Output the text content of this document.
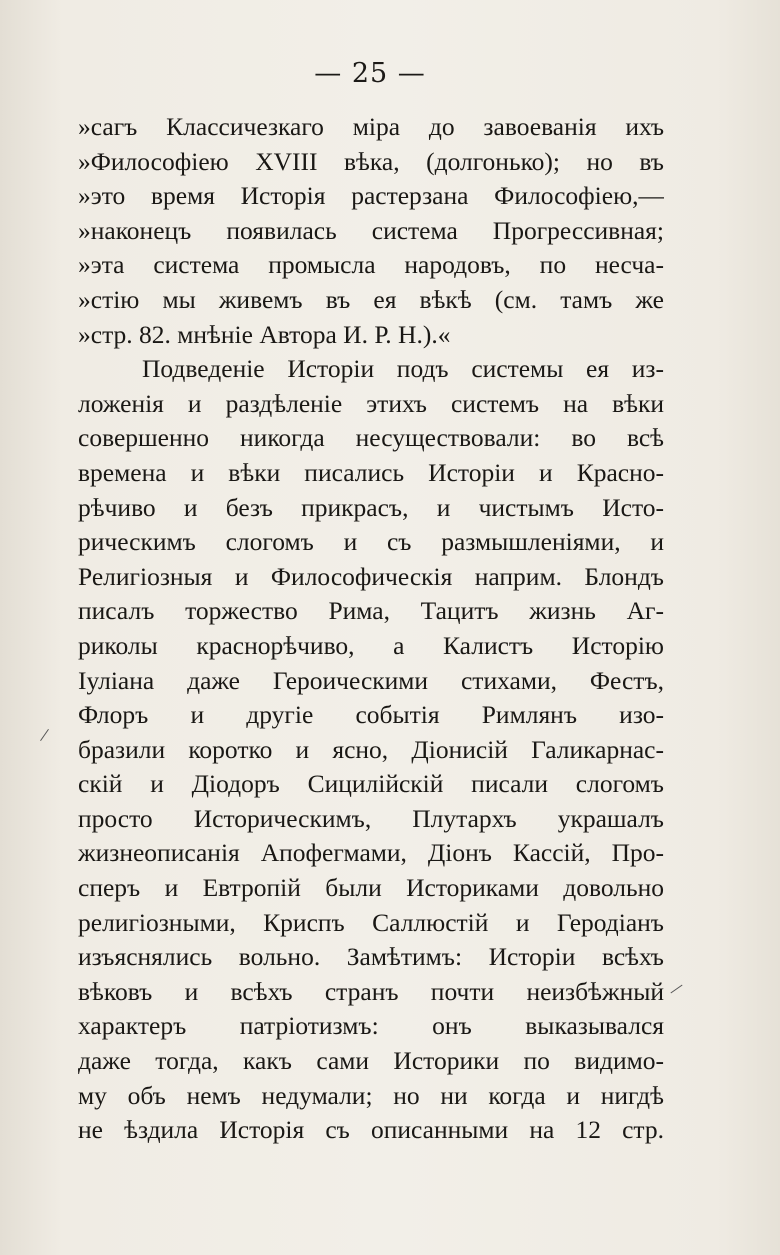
— 25 —
»сагъ Классичезкаго міра до завоеванія ихъ
»Философіею XVIII вѣка, (долгонько); но въ
»это время Исторія растерзана Философіею,—
»наконецъ появилась система Прогрессивная;
»эта система промысла народовъ, по несча-
»стію мы живемъ въ ея вѣкѣ (см. тамъ же
»стр. 82. мнѣніе Автора И. Р. Н.).«
Подведеніе Исторіи подъ системы ея из-
ложенія и раздѣленіе этихъ системъ на вѣки
совершенно никогда несуществовали: во всѣ
времена и вѣки писались Исторіи и Красно-
рѣчиво и безъ прикрасъ, и чистымъ Исто-
рическимъ слогомъ и съ размышленіями, и
Религіозныя и Философическія наприм. Блондъ
писалъ торжество Рима, Тацитъ жизнь Аг-
риколы краснорѣчиво, а Калистъ Исторію
Іуліана даже Героическими стихами, Фестъ,
Флоръ и другіе событія Римлянъ изо-
бразили коротко и ясно, Діонисій Галикарнас-
скій и Діодоръ Сицилійскій писали слогомъ
просто Историческимъ, Плутархъ украшалъ
жизнеописанія Апофегмами, Діонъ Кассій, Про-
сперъ и Евтропій были Историками довольно
религіозными, Криспъ Саллюстій и Геродіанъ
изъяснялись вольно. Замѣтимъ: Исторіи всѣхъ
вѣковъ и всѣхъ странъ почти неизбѣжный
характеръ патріотизмъ: онъ выказывался
даже тогда, какъ сами Историки по видимо-
му объ немъ недумали; но ни когда и нигдѣ
не ѣздила Исторія съ описанными на 12 стр.
